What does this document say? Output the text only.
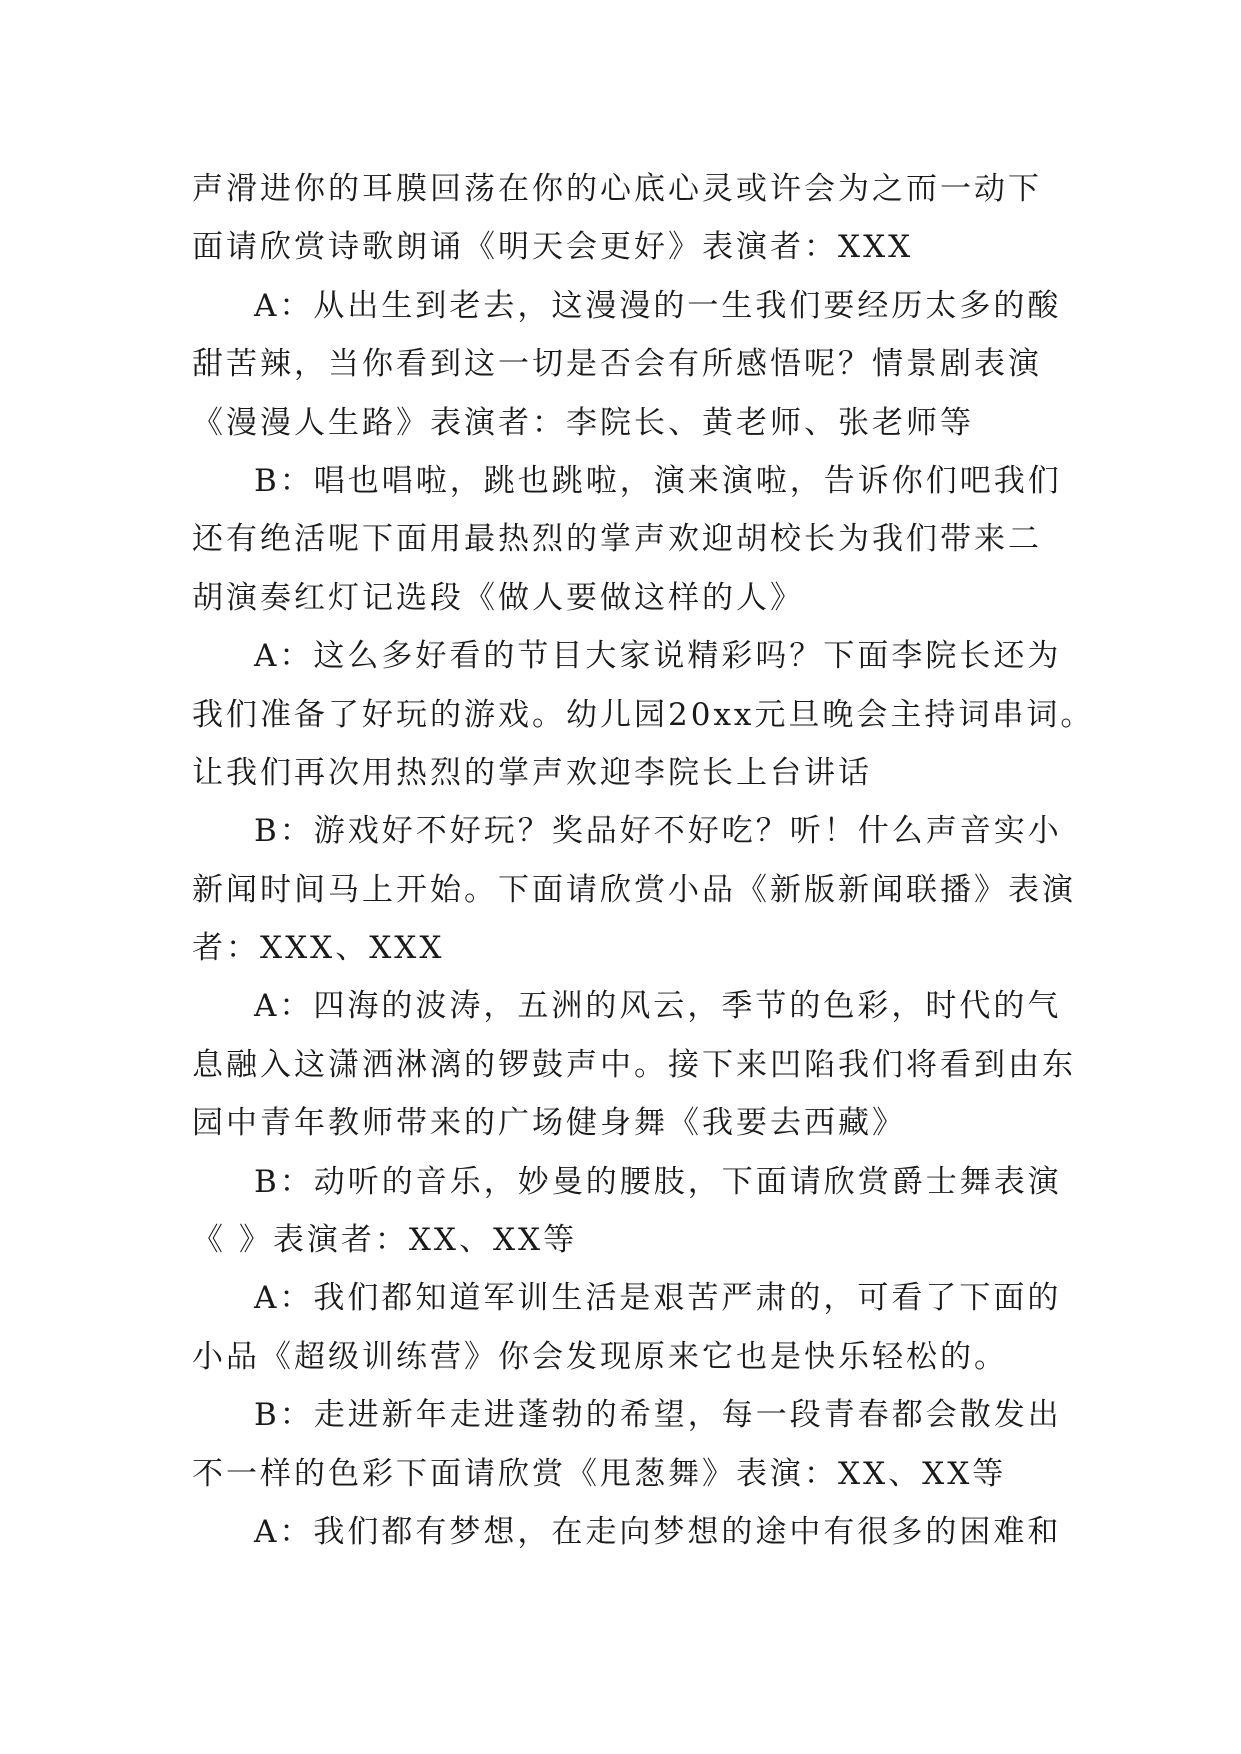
声滑进你的耳膜回荡在你的心底心灵或许会为之而一动下
面请欣赏诗歌朗诵《明天会更好》表演者：XXX
A：从出生到老去，这漫漫的一生我们要经历太多的酸
甜苦辣，当你看到这一切是否会有所感悟呢？情景剧表演
《漫漫人生路》表演者：李院长、黄老师、张老师等
B：唱也唱啦，跳也跳啦，演来演啦，告诉你们吧我们
还有绝活呢下面用最热烈的掌声欢迎胡校长为我们带来二
胡演奏红灯记选段《做人要做这样的人》
A：这么多好看的节目大家说精彩吗？下面李院长还为
我们准备了好玩的游戏。幼儿园20xx元旦晚会主持词串词。
让我们再次用热烈的掌声欢迎李院长上台讲话
B：游戏好不好玩？奖品好不好吃？听！什么声音实小
新闻时间马上开始。下面请欣赏小品《新版新闻联播》表演
者：XXX、XXX
A：四海的波涛，五洲的风云，季节的色彩，时代的气
息融入这潇洒淋漓的锣鼓声中。接下来凹陷我们将看到由东
园中青年教师带来的广场健身舞《我要去西藏》
B：动听的音乐，妙曼的腰肢，下面请欣赏爵士舞表演
《 》表演者：XX、XX等
A：我们都知道军训生活是艰苦严肃的，可看了下面的
小品《超级训练营》你会发现原来它也是快乐轻松的。
B：走进新年走进蓬勃的希望，每一段青春都会散发出
不一样的色彩下面请欣赏《甩葱舞》表演：XX、XX等
A：我们都有梦想，在走向梦想的途中有很多的困难和
